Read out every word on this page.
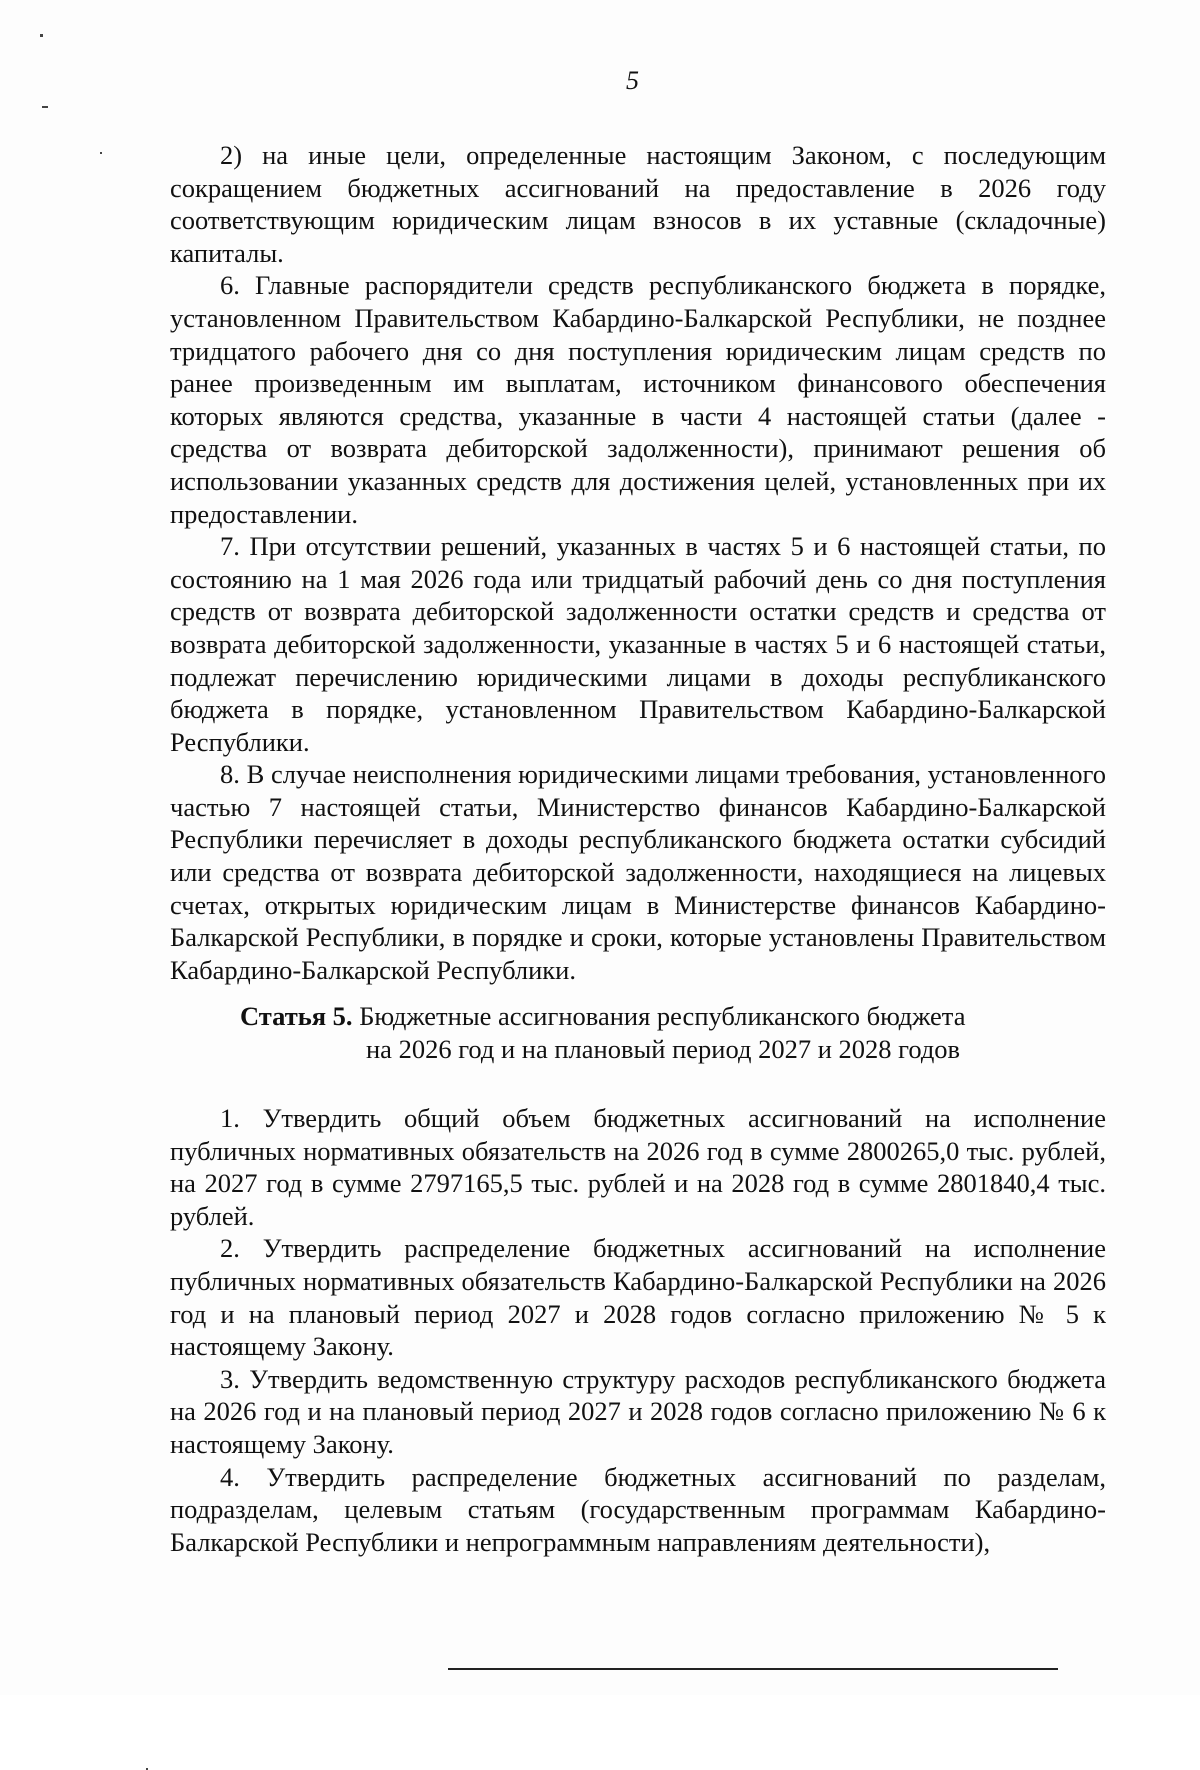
5

2) на иные цели, определенные настоящим Законом, с последующим сокращением бюджетных ассигнований на предоставление в 2026 году соответствующим юридическим лицам взносов в их уставные (складочные) капиталы.

6. Главные распорядители средств республиканского бюджета в порядке, установленном Правительством Кабардино-Балкарской Республики, не позднее тридцатого рабочего дня со дня поступления юридическим лицам средств по ранее произведенным им выплатам, источником финансового обеспечения которых являются средства, указанные в части 4 настоящей статьи (далее - средства от возврата дебиторской задолженности), принимают решения об использовании указанных средств для достижения целей, установленных при их предоставлении.

7. При отсутствии решений, указанных в частях 5 и 6 настоящей статьи, по состоянию на 1 мая 2026 года или тридцатый рабочий день со дня поступления средств от возврата дебиторской задолженности остатки средств и средства от возврата дебиторской задолженности, указанные в частях 5 и 6 настоящей статьи, подлежат перечислению юридическими лицами в доходы республиканского бюджета в порядке, установленном Правительством Кабардино-Балкарской Республики.

8. В случае неисполнения юридическими лицами требования, установленного частью 7 настоящей статьи, Министерство финансов Кабардино-Балкарской Республики перечисляет в доходы республиканского бюджета остатки субсидий или средства от возврата дебиторской задолженности, находящиеся на лицевых счетах, открытых юридическим лицам в Министерстве финансов Кабардино-Балкарской Республики, в порядке и сроки, которые установлены Правительством Кабардино-Балкарской Республики.

Статья 5. Бюджетные ассигнования республиканского бюджета
на 2026 год и на плановый период 2027 и 2028 годов

1. Утвердить общий объем бюджетных ассигнований на исполнение публичных нормативных обязательств на 2026 год в сумме 2800265,0 тыс. рублей, на 2027 год в сумме 2797165,5 тыс. рублей и на 2028 год в сумме 2801840,4 тыс. рублей.

2. Утвердить распределение бюджетных ассигнований на исполнение публичных нормативных обязательств Кабардино-Балкарской Республики на 2026 год и на плановый период 2027 и 2028 годов согласно приложению № 5 к настоящему Закону.

3. Утвердить ведомственную структуру расходов республиканского бюджета на 2026 год и на плановый период 2027 и 2028 годов согласно приложению № 6 к настоящему Закону.

4. Утвердить распределение бюджетных ассигнований по разделам, подразделам, целевым статьям (государственным программам Кабардино-Балкарской Республики и непрограммным направлениям деятельности),
